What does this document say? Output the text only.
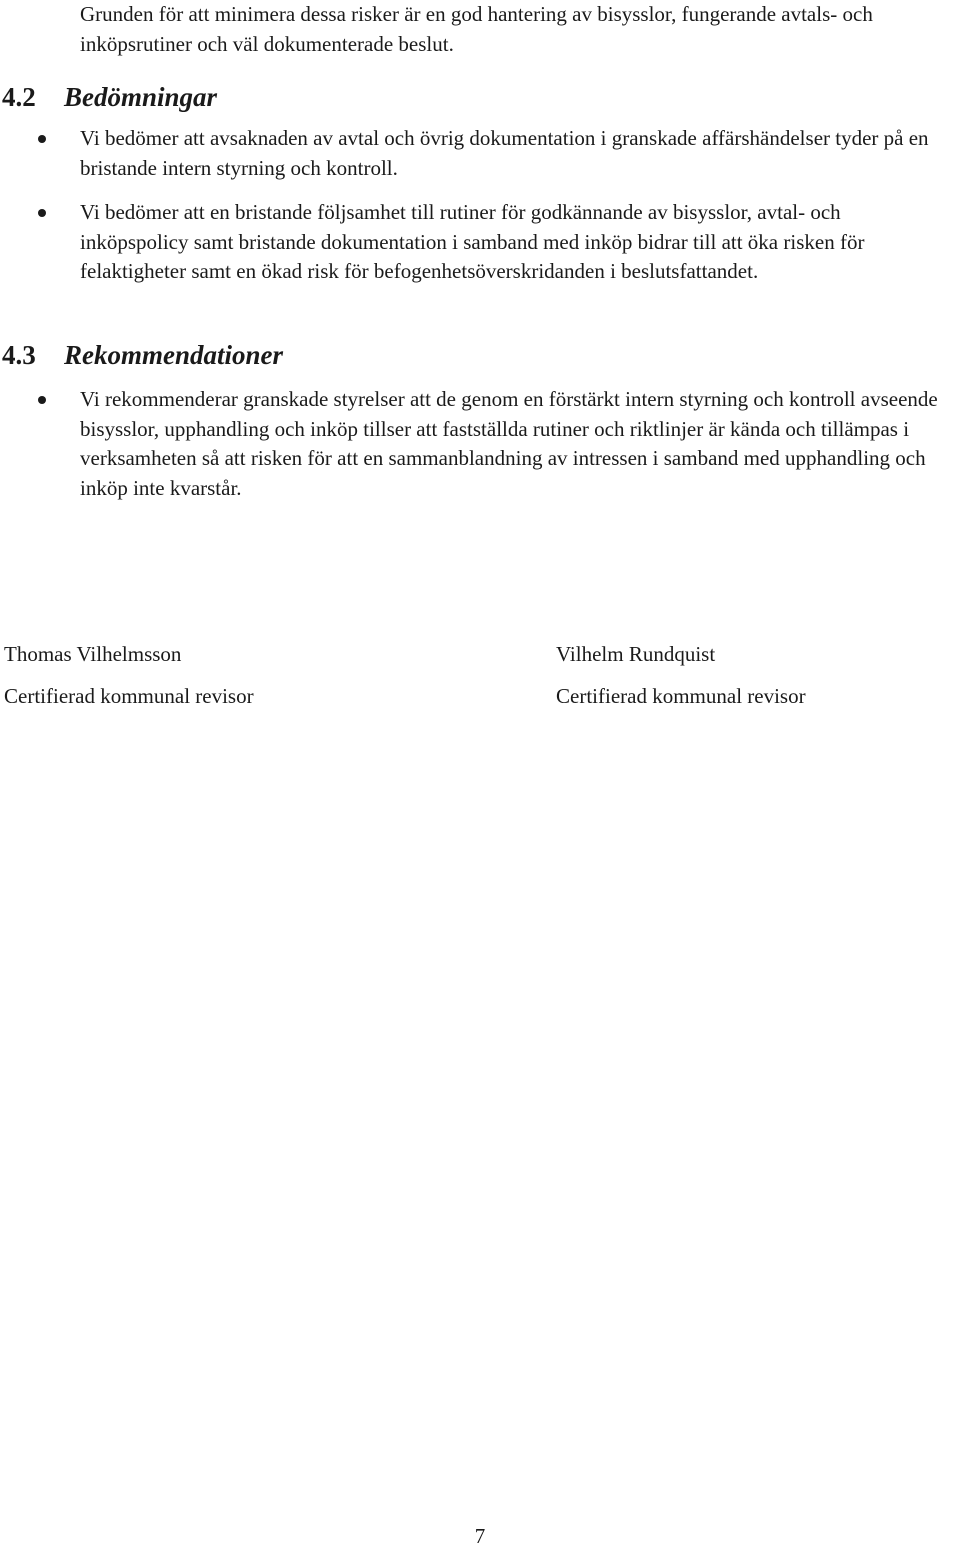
Grunden för att minimera dessa risker är en god hantering av bisysslor, fungerande avtals- och inköpsrutiner och väl dokumenterade beslut.
4.2 Bedömningar
Vi bedömer att avsaknaden av avtal och övrig dokumentation i granskade affärshändelser tyder på en bristande intern styrning och kontroll.
Vi bedömer att en bristande följsamhet till rutiner för godkännande av bisysslor, avtal- och inköpspolicy samt bristande dokumentation i samband med inköp bidrar till att öka risken för felaktigheter samt en ökad risk för befogenhetsöverskridanden i beslutsfattandet.
4.3 Rekommendationer
Vi rekommenderar granskade styrelser att de genom en förstärkt intern styrning och kontroll avseende bisysslor, upphandling och inköp tillser att fastställda rutiner och riktlinjer är kända och tillämpas i verksamheten så att risken för att en sammanblandning av intressen i samband med upphandling och inköp inte kvarstår.
Thomas Vilhelmsson
Certifierad kommunal revisor
Vilhelm Rundquist
Certifierad kommunal revisor
7
